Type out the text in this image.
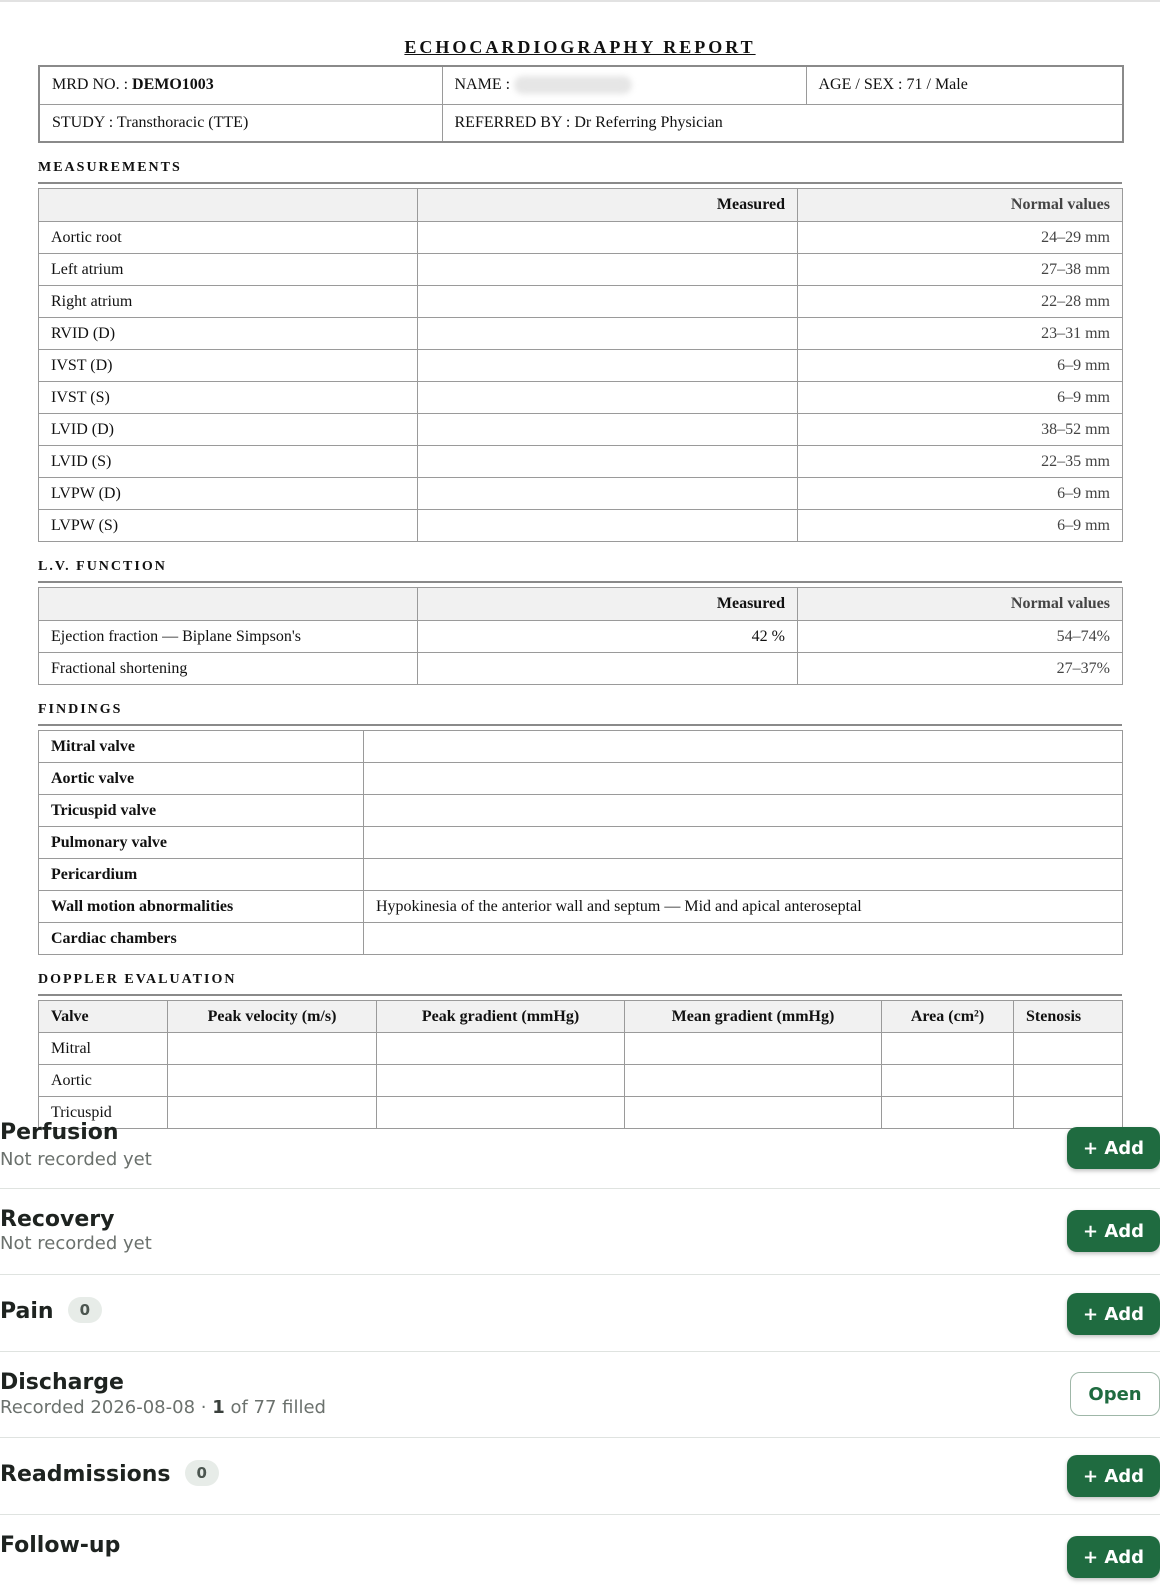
ECHOCARDIOGRAPHY REPORT
MRD NO. : DEMO1003	NAME :	AGE / SEX : 71 / Male
STUDY : Transthoracic (TTE)	REFERRED BY : Dr Referring Physician	
MEASUREMENTS
	Measured	Normal values
Aortic root		24–29 mm
Left atrium		27–38 mm
Right atrium		22–28 mm
RVID (D)		23–31 mm
IVST (D)		6–9 mm
IVST (S)		6–9 mm
LVID (D)		38–52 mm
LVID (S)		22–35 mm
LVPW (D)		6–9 mm
LVPW (S)		6–9 mm
L.V. FUNCTION
	Measured	Normal values
Ejection fraction — Biplane Simpson's	42 %	54–74%
Fractional shortening		27–37%
FINDINGS
Mitral valve	
Aortic valve	
Tricuspid valve	
Pulmonary valve	
Pericardium	
Wall motion abnormalities	Hypokinesia of the anterior wall and septum — Mid and apical anteroseptal
Cardiac chambers	
DOPPLER EVALUATION
Valve	Peak velocity (m/s)	Peak gradient (mmHg)	Mean gradient (mmHg)	Area (cm²)	Stenosis
Mitral					
Aortic					
Tricuspid					
Perfusion
Not recorded yet
+ Add
Recovery
Not recorded yet
+ Add
Pain 0	+ Add
Discharge
Recorded 2026-08-08 · 1 of 77 filled
Open
Readmissions 0	+ Add
Follow-up	+ Add
